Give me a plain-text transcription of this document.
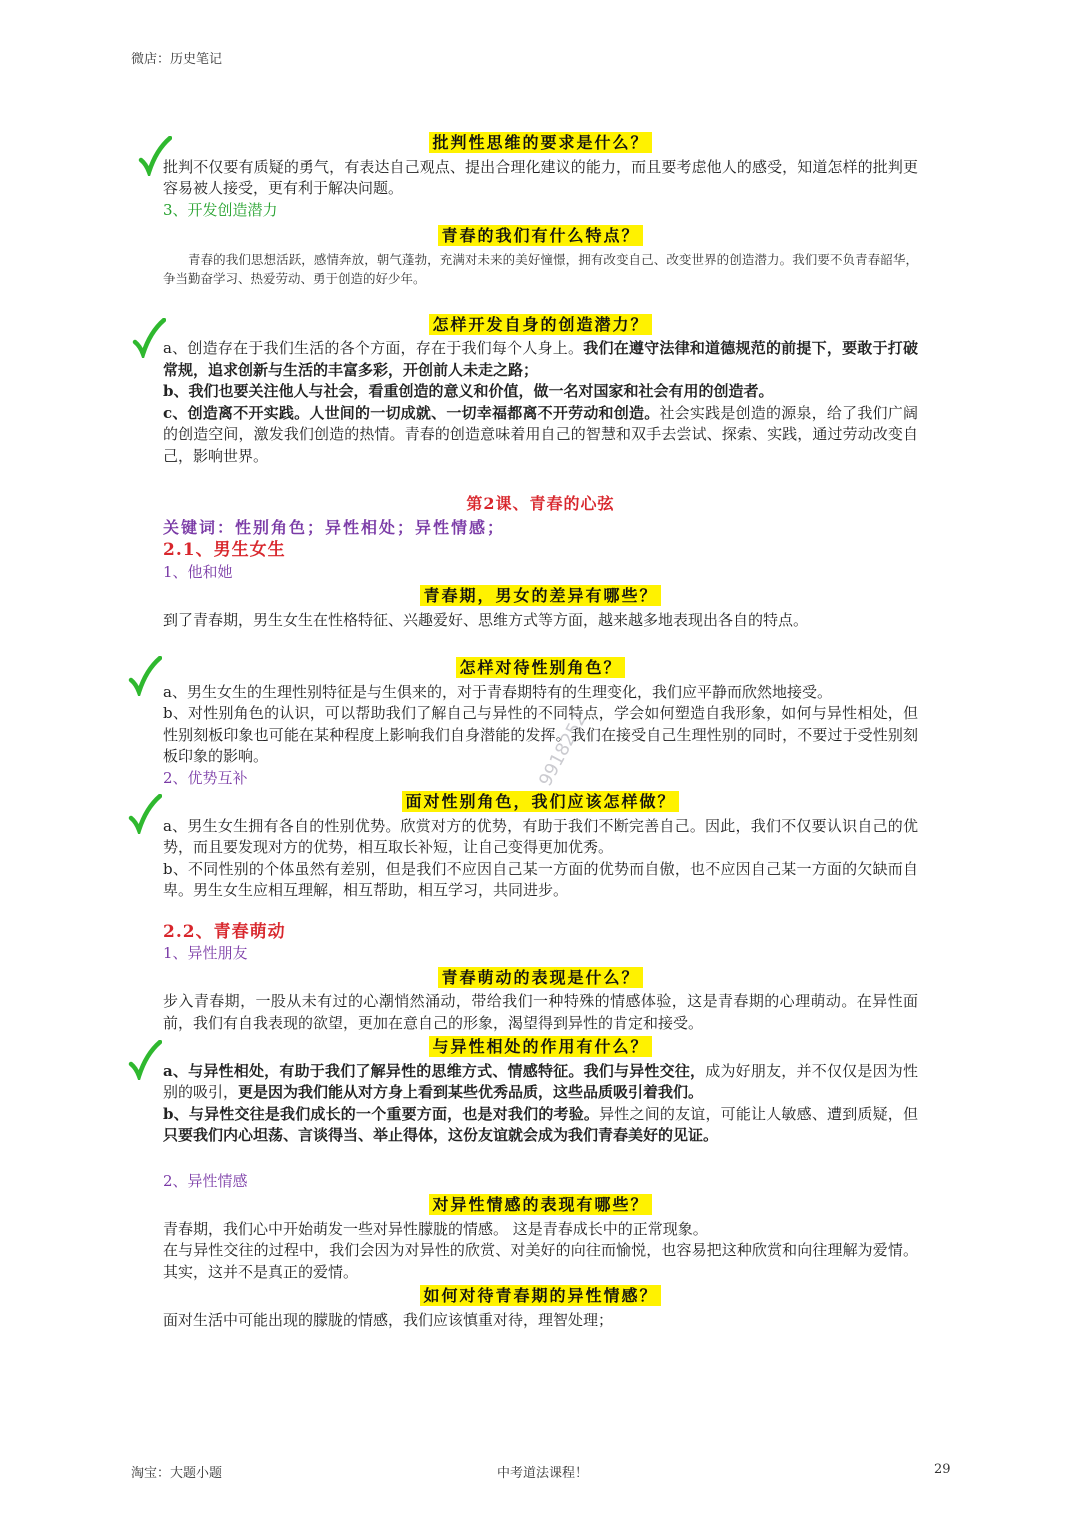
微店：历史笔记
批判性思维的要求是什么？
批判不仅要有质疑的勇气，有表达自己观点、提出合理化建议的能力，而且要考虑他人的感受，知道怎样的批判更容易被人接受，更有利于解决问题。
3、开发创造潜力
青春的我们有什么特点？
青春的我们思想活跃，感情奔放，朝气蓬勃，充满对未来的美好憧憬，拥有改变自己、改变世界的创造潜力。我们要不负青春韶华，争当勤奋学习、热爱劳动、勇于创造的好少年。
怎样开发自身的创造潜力？
a、创造存在于我们生活的各个方面，存在于我们每个人身上。我们在遵守法律和道德规范的前提下，要敢于打破常规，追求创新与生活的丰富多彩，开创前人未走之路；
b、我们也要关注他人与社会，看重创造的意义和价值，做一名对国家和社会有用的创造者。
c、创造离不开实践。人世间的一切成就、一切幸福都离不开劳动和创造。社会实践是创造的源泉，给了我们广阔的创造空间，激发我们创造的热情。青春的创造意味着用自己的智慧和双手去尝试、探索、实践，通过劳动改变自己，影响世界。
第2课、青春的心弦
关键词：性别角色；异性相处；异性情感；
2.1、男生女生
1、他和她
青春期，男女的差异有哪些？
到了青春期，男生女生在性格特征、兴趣爱好、思维方式等方面，越来越多地表现出各自的特点。
怎样对待性别角色？
a、男生女生的生理性别特征是与生俱来的，对于青春期特有的生理变化，我们应平静而欣然地接受。
b、对性别角色的认识，可以帮助我们了解自己与异性的不同特点，学会如何塑造自我形象，如何与异性相处，但性别刻板印象也可能在某种程度上影响我们自身潜能的发挥。我们在接受自己生理性别的同时，不要过于受性别刻 板印象的影响。
2、优势互补
面对性别角色，我们应该怎样做？
a、男生女生拥有各自的性别优势。欣赏对方的优势，有助于我们不断完善自己。因此，我们不仅要认识自己的优势，而且要发现对方的优势，相互取长补短，让自己变得更加优秀。
b、不同性别的个体虽然有差别，但是我们不应因自己某一方面的优势而自傲，也不应因自己某一方面的欠缺而自卑。男生女生应相互理解，相互帮助，相互学习，共同进步。
2.2、青春萌动
1、异性朋友
青春萌动的表现是什么？
步入青春期，一股从未有过的心潮悄然涌动，带给我们一种特殊的情感体验，这是青春期的心理萌动。在异性面前，我们有自我表现的欲望，更加在意自己的形象，渴望得到异性的肯定和接受。
与异性相处的作用有什么？
a、与异性相处，有助于我们了解异性的思维方式、情感特征。我们与异性交往，成为好朋友，并不仅仅是因为性别的吸引，更是因为我们能从对方身上看到某些优秀品质，这些品质吸引着我们。
b、与异性交往是我们成长的一个重要方面，也是对我们的考验。异性之间的友谊，可能让人敏感、遭到质疑，但只要我们内心坦荡、言谈得当、举止得体，这份友谊就会成为我们青春美好的见证。
2、异性情感
对异性情感的表现有哪些？
青春期，我们心中开始萌发一些对异性朦胧的情感。 这是青春成长中的正常现象。
在与异性交往的过程中，我们会因为对异性的欣赏、对美好的向往而愉悦，也容易把这种欣赏和向往理解为爱情。 其实，这并不是真正的爱情。
如何对待青春期的异性情感？
面对生活中可能出现的朦胧的情感，我们应该慎重对待，理智处理；
9918252
淘宝：大题小题	中考道法课程！	29
